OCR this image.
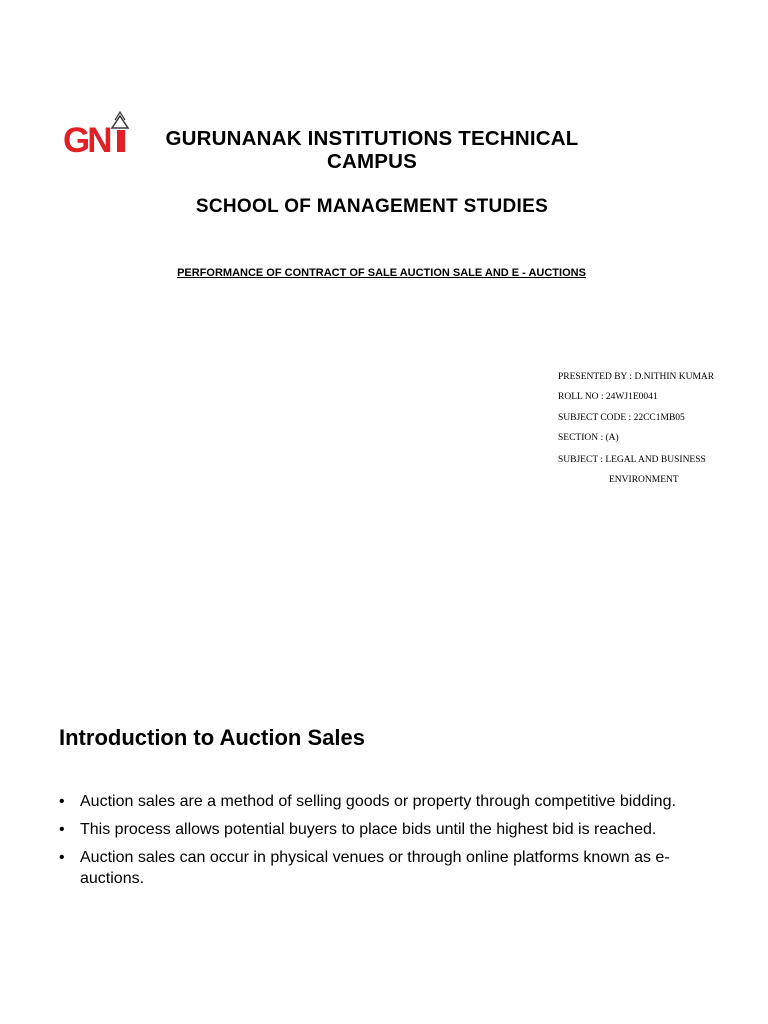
GN	GURUNANAK INSTITUTIONS TECHNICAL CAMPUS
SCHOOL OF MANAGEMENT STUDIES
PERFORMANCE OF CONTRACT OF SALE AUCTION SALE AND E - AUCTIONS
PRESENTED BY : D.NITHIN KUMAR
ROLL NO : 24WJ1E0041
SUBJECT CODE : 22CC1MB05
SECTION : (A)
SUBJECT : LEGAL AND BUSINESS
ENVIRONMENT
Introduction to Auction Sales
• Auction sales are a method of selling goods or property through competitive bidding.
• This process allows potential buyers to place bids until the highest bid is reached.
• Auction sales can occur in physical venues or through online platforms known as e-auctions.
